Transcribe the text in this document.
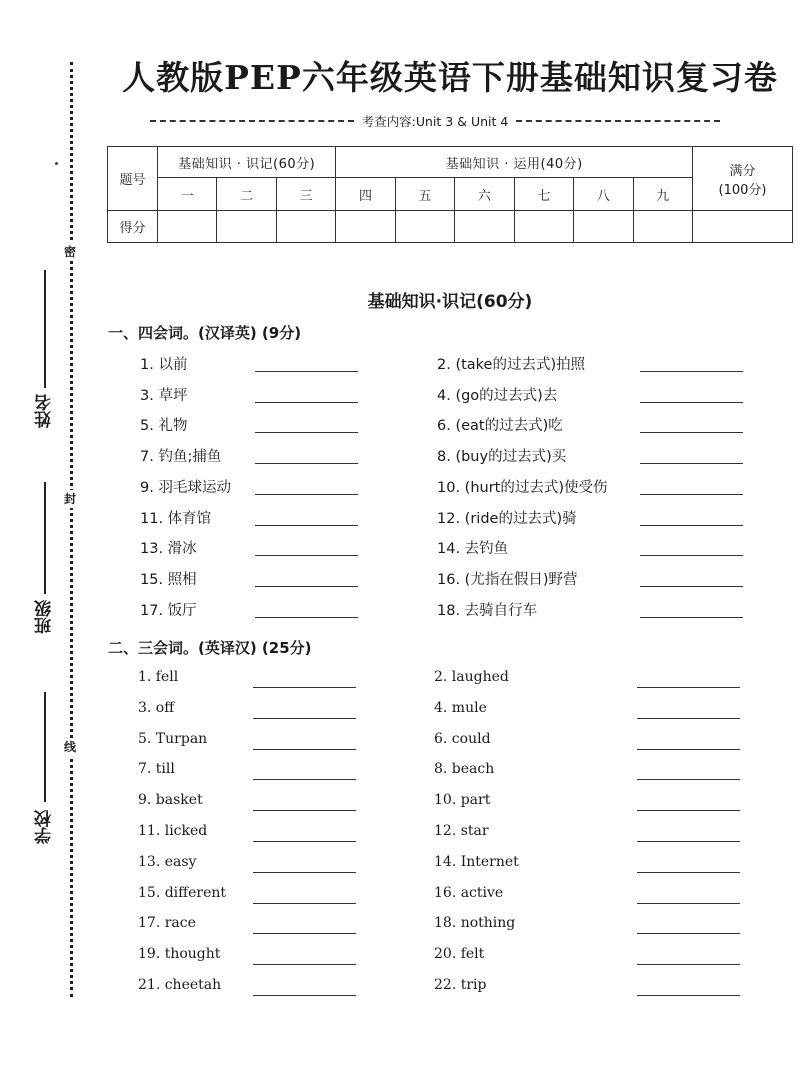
密
封
线
姓名
班级
学校
人教版PEP六年级英语下册基础知识复习卷
考查内容:Unit 3 & Unit 4
题号	基础知识 · 识记(60分)			基础知识 · 运用(40分)						满分
(100分)

	一	二	三	四	五	六	七	八	九	
得分										
基础知识·识记(60分)
一、四会词。(汉译英) (9分)
1. 以前	2. (take的过去式)拍照
3. 草坪	4. (go的过去式)去
5. 礼物	6. (eat的过去式)吃
7. 钓鱼;捕鱼	8. (buy的过去式)买
9. 羽毛球运动	10. (hurt的过去式)使受伤
11. 体育馆	12. (ride的过去式)骑
13. 滑冰	14. 去钓鱼
15. 照相	16. (尤指在假日)野营
17. 饭厅	18. 去骑自行车
二、三会词。(英译汉) (25分)
1. fell	2. laughed
3. off	4. mule
5. Turpan	6. could
7. till	8. beach
9. basket	10. part
11. licked	12. star
13. easy	14. Internet
15. different	16. active
17. race	18. nothing
19. thought	20. felt
21. cheetah	22. trip
